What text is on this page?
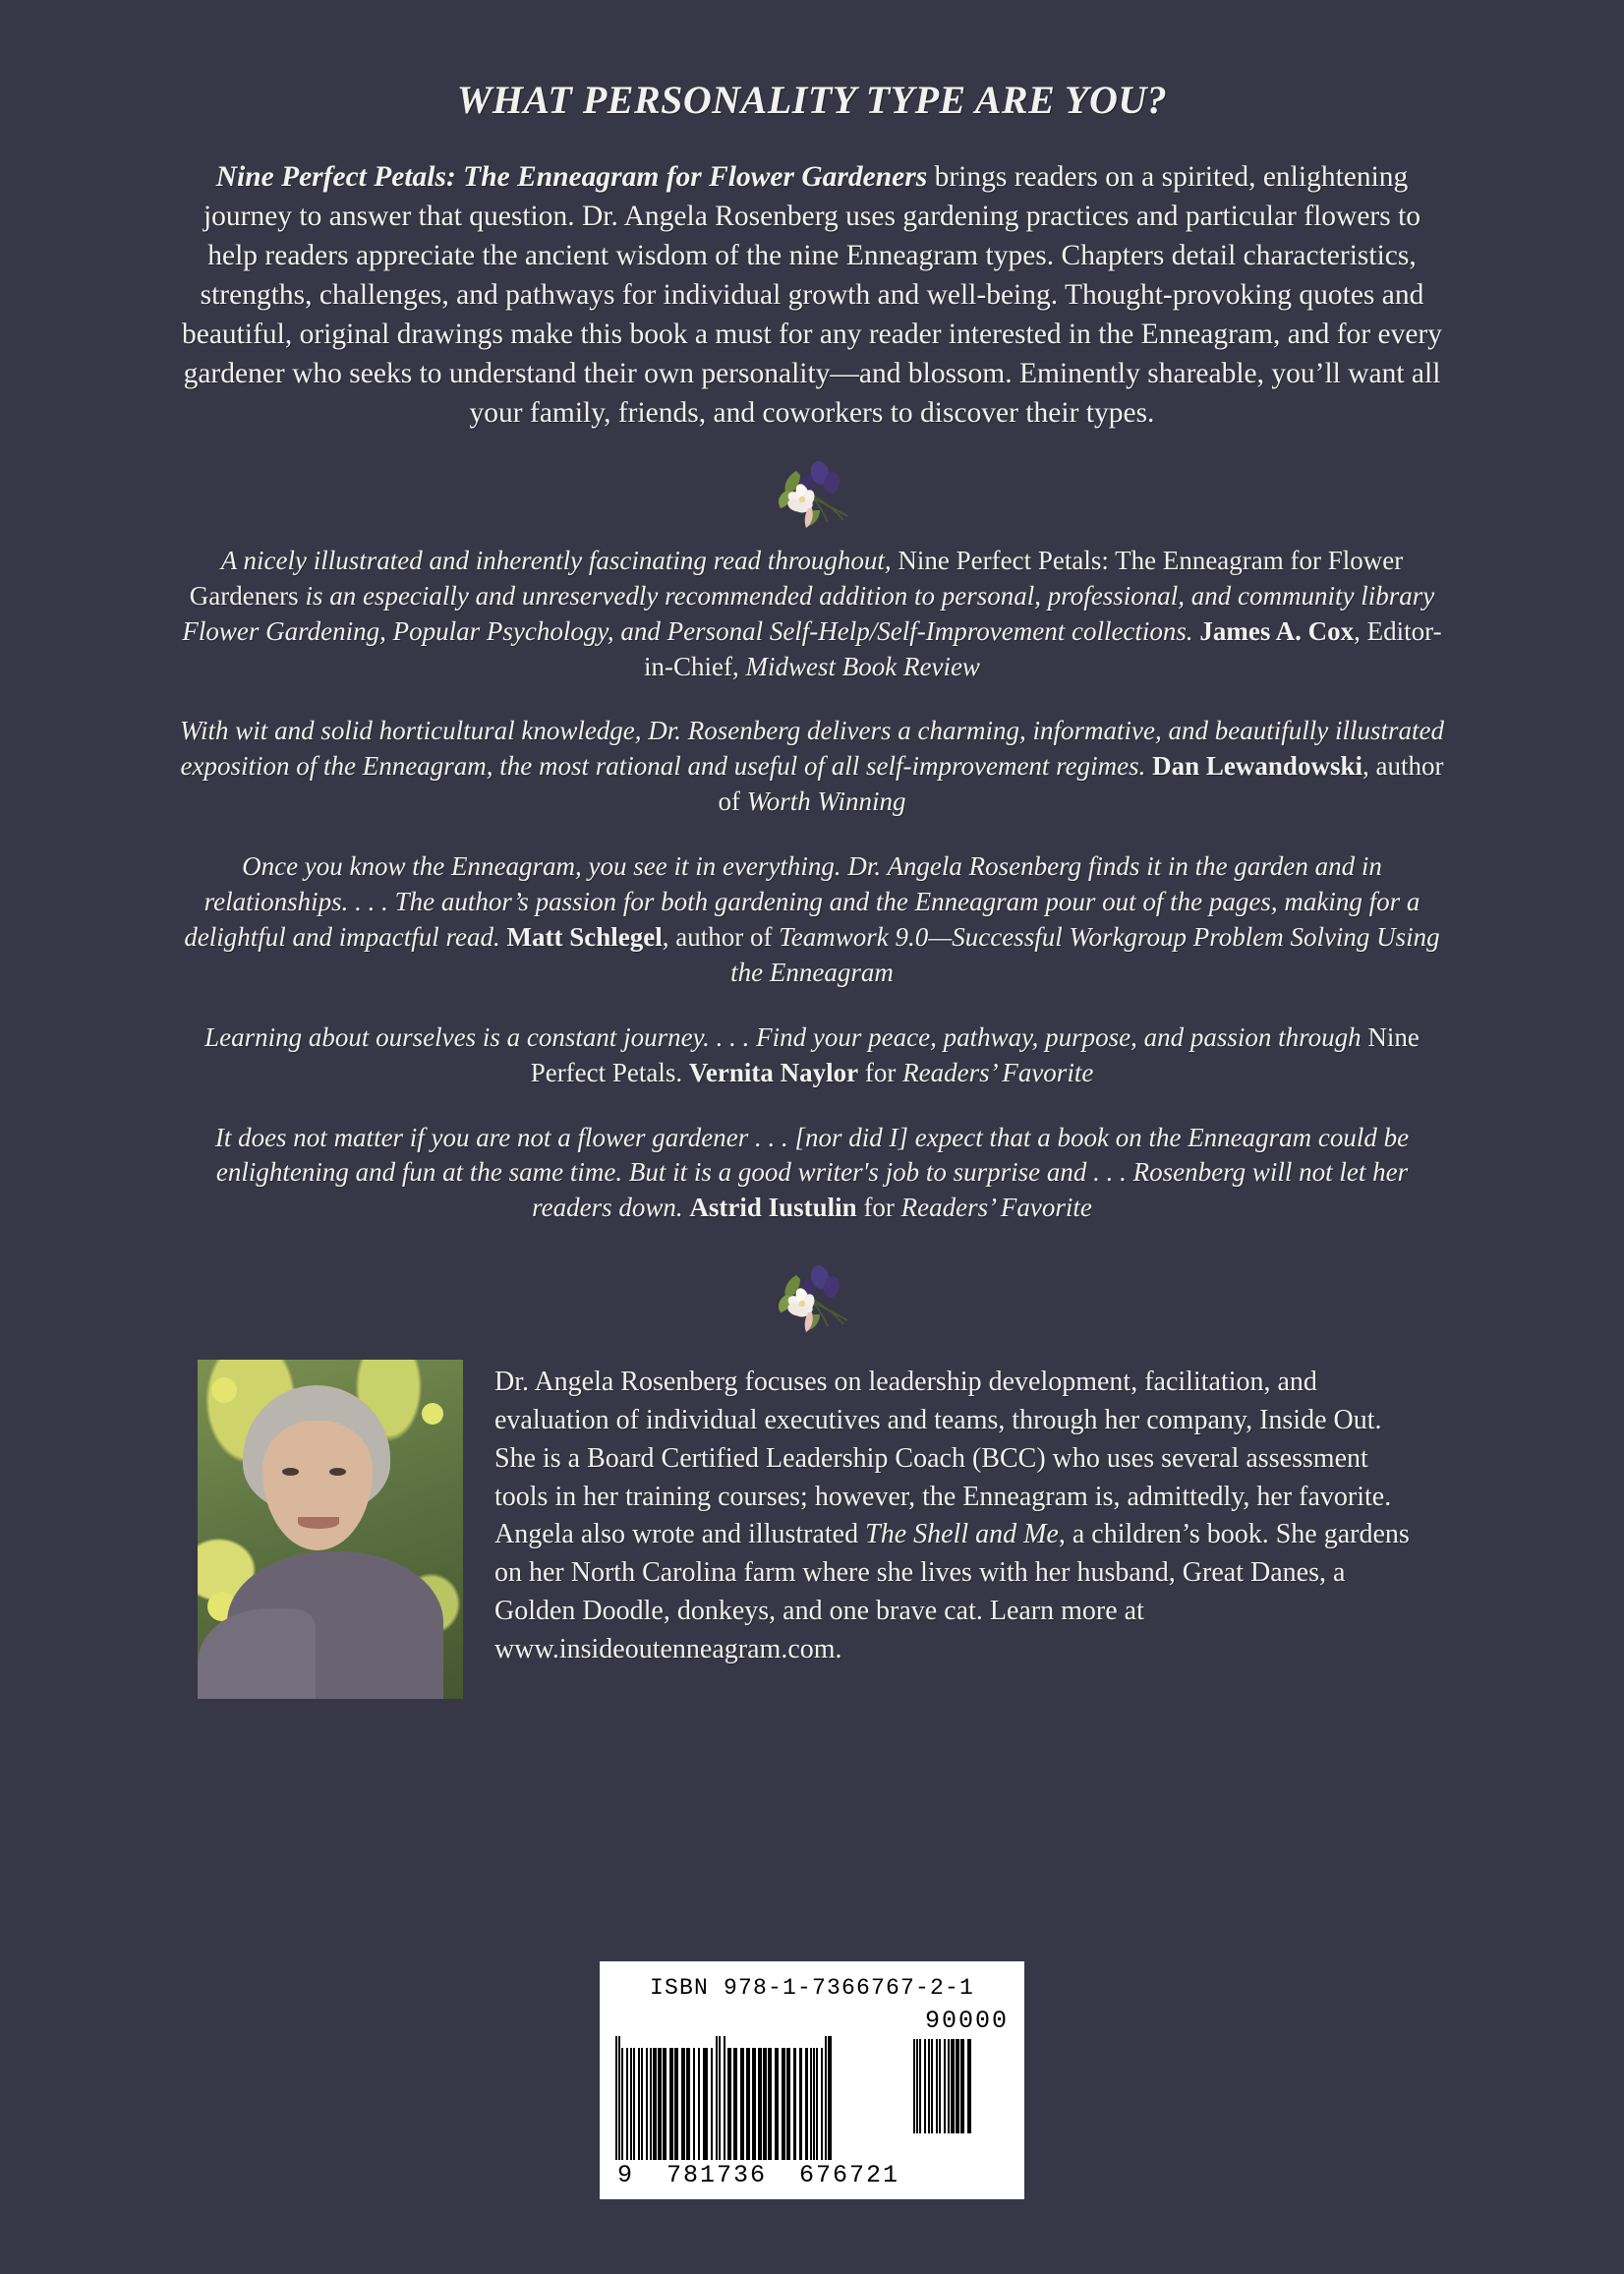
WHAT PERSONALITY TYPE ARE YOU?
Nine Perfect Petals: The Enneagram for Flower Gardeners brings readers on a spirited, enlightening journey to answer that question. Dr. Angela Rosenberg uses gardening practices and particular flowers to help readers appreciate the ancient wisdom of the nine Enneagram types. Chapters detail characteristics, strengths, challenges, and pathways for individual growth and well-being. Thought-provoking quotes and beautiful, original drawings make this book a must for any reader interested in the Enneagram, and for every gardener who seeks to understand their own personality—and blossom. Eminently shareable, you’ll want all your family, friends, and coworkers to discover their types.
A nicely illustrated and inherently fascinating read throughout, Nine Perfect Petals: The Enneagram for Flower Gardeners is an especially and unreservedly recommended addition to personal, professional, and community library Flower Gardening, Popular Psychology, and Personal Self-Help/Self-Improvement collections. James A. Cox, Editor-in-Chief, Midwest Book Review
With wit and solid horticultural knowledge, Dr. Rosenberg delivers a charming, informative, and beautifully illustrated exposition of the Enneagram, the most rational and useful of all self-improvement regimes. Dan Lewandowski, author of Worth Winning
Once you know the Enneagram, you see it in everything. Dr. Angela Rosenberg finds it in the garden and in relationships. . . . The author’s passion for both gardening and the Enneagram pour out of the pages, making for a delightful and impactful read. Matt Schlegel, author of Teamwork 9.0—Successful Workgroup Problem Solving Using the Enneagram
Learning about ourselves is a constant journey. . . . Find your peace, pathway, purpose, and passion through Nine Perfect Petals. Vernita Naylor for Readers’ Favorite
It does not matter if you are not a flower gardener . . . [nor did I] expect that a book on the Enneagram could be enlightening and fun at the same time. But it is a good writer's job to surprise and . . . Rosenberg will not let her readers down. Astrid Iustulin for Readers’ Favorite
Dr. Angela Rosenberg focuses on leadership development, facilitation, and evaluation of individual executives and teams, through her company, Inside Out. She is a Board Certified Leadership Coach (BCC) who uses several assessment tools in her training courses; however, the Enneagram is, admittedly, her favorite. Angela also wrote and illustrated The Shell and Me, a children’s book. She gardens on her North Carolina farm where she lives with her husband, Great Danes, a Golden Doodle, donkeys, and one brave cat. Learn more at www.insideoutenneagram.com.
ISBN 978-1-7366767-2-1
9 781736 676721
90000
